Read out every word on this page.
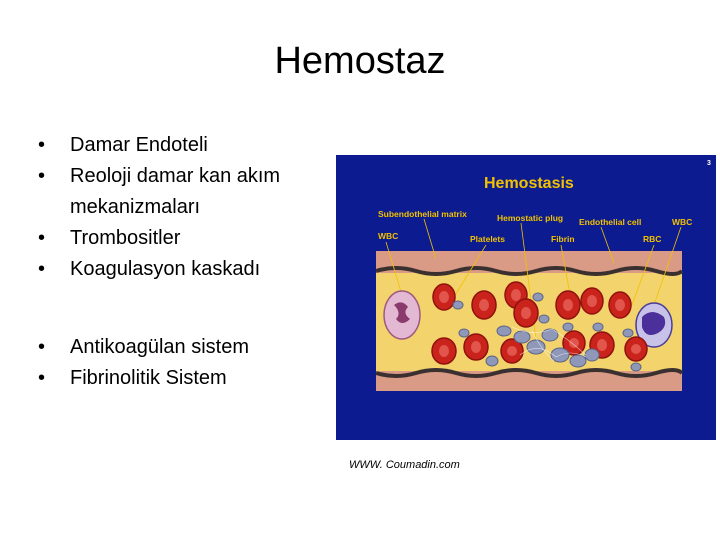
Hemostaz
• Damar Endoteli
• Reoloji damar kan akım mekanizmaları
• Trombositler
• Koagulasyon kaskadı
• Antikoagülan sistem
• Fibrinolitik Sistem
3
Hemostasis
Subendothelial matrix	Hemostatic plug Endothelial cell	WBC
WBC	Platelets	Fibrin	RBC
WWW. Coumadin.com
